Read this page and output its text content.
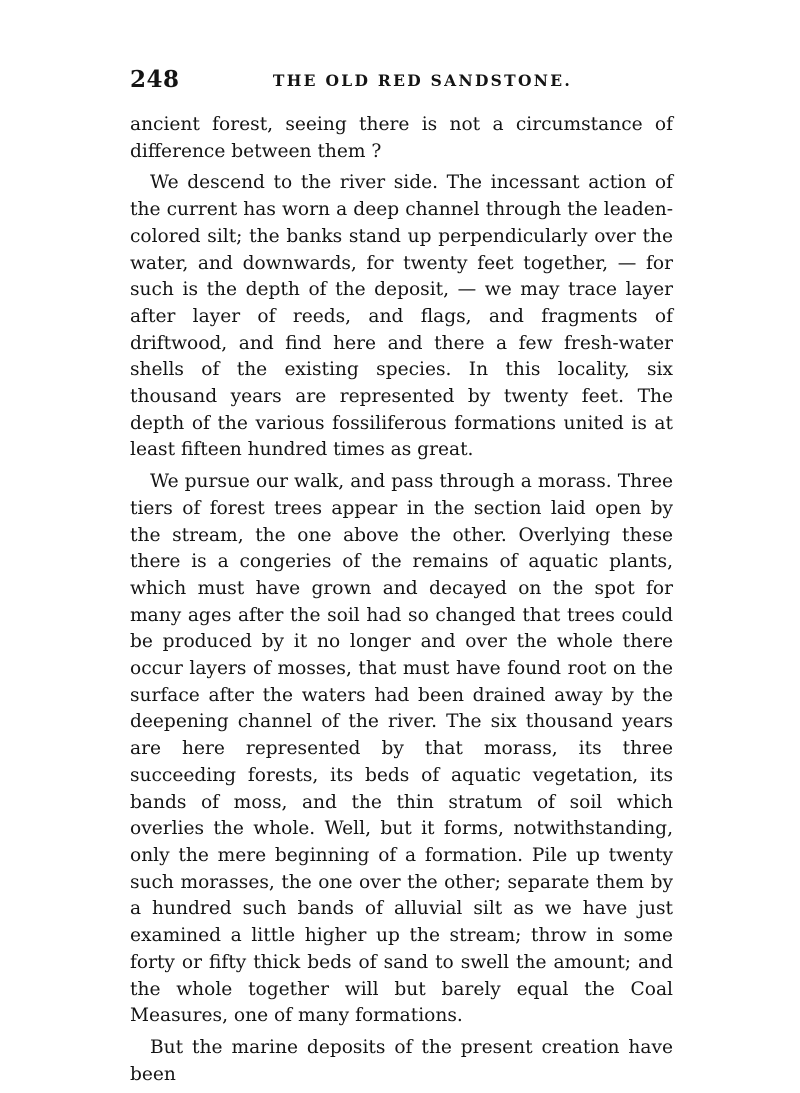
248	THE OLD RED SANDSTONE.

ancient forest, seeing there is not a circumstance of difference between them ?

We descend to the river side. The incessant action of the current has worn a deep channel through the leaden-colored silt; the banks stand up perpendicularly over the water, and downwards, for twenty feet together, — for such is the depth of the deposit, — we may trace layer after layer of reeds, and flags, and fragments of driftwood, and find here and there a few fresh-water shells of the existing species. In this locality, six thousand years are represented by twenty feet. The depth of the various fossiliferous formations united is at least fifteen hundred times as great.

We pursue our walk, and pass through a morass. Three tiers of forest trees appear in the section laid open by the stream, the one above the other. Overlying these there is a congeries of the remains of aquatic plants, which must have grown and decayed on the spot for many ages after the soil had so changed that trees could be produced by it no longer and over the whole there occur layers of mosses, that must have found root on the surface after the waters had been drained away by the deepening channel of the river. The six thousand years are here represented by that morass, its three succeeding forests, its beds of aquatic vegetation, its bands of moss, and the thin stratum of soil which overlies the whole. Well, but it forms, notwithstanding, only the mere beginning of a formation. Pile up twenty such morasses, the one over the other; separate them by a hundred such bands of alluvial silt as we have just examined a little higher up the stream; throw in some forty or fifty thick beds of sand to swell the amount; and the whole together will but barely equal the Coal Measures, one of many formations.

But the marine deposits of the present creation have been
